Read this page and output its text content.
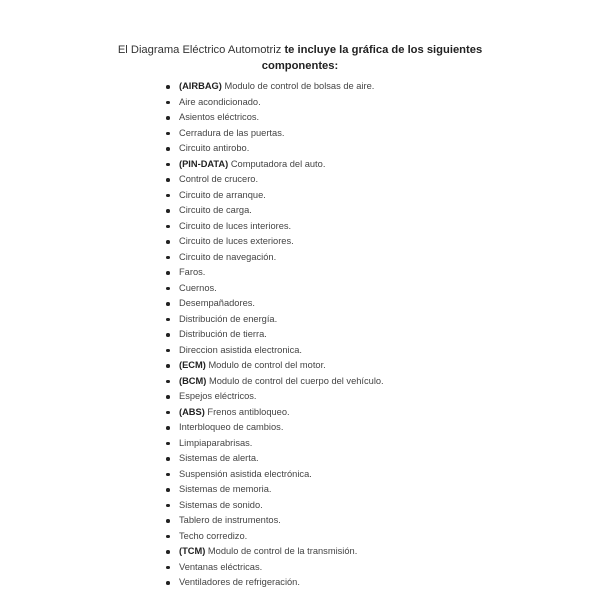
El Diagrama Eléctrico Automotriz te incluye la gráfica de los siguientes componentes:
(AIRBAG) Modulo de control de bolsas de aire.
Aire acondicionado.
Asientos eléctricos.
Cerradura de las puertas.
Circuito antirobo.
(PIN-DATA) Computadora del auto.
Control de crucero.
Circuito de arranque.
Circuito de carga.
Circuito de luces interiores.
Circuito de luces exteriores.
Circuito de navegación.
Faros.
Cuernos.
Desempañadores.
Distribución de energía.
Distribución de tierra.
Direccion asistida electronica.
(ECM) Modulo de control del motor.
(BCM) Modulo de control del cuerpo del vehículo.
Espejos eléctricos.
(ABS) Frenos antibloqueo.
Interbloqueo de cambios.
Limpiaparabrisas.
Sistemas de alerta.
Suspensión asistida electrónica.
Sistemas de memoria.
Sistemas de sonido.
Tablero de instrumentos.
Techo corredizo.
(TCM) Modulo de control de la transmisión.
Ventanas eléctricas.
Ventiladores de refrigeración.
